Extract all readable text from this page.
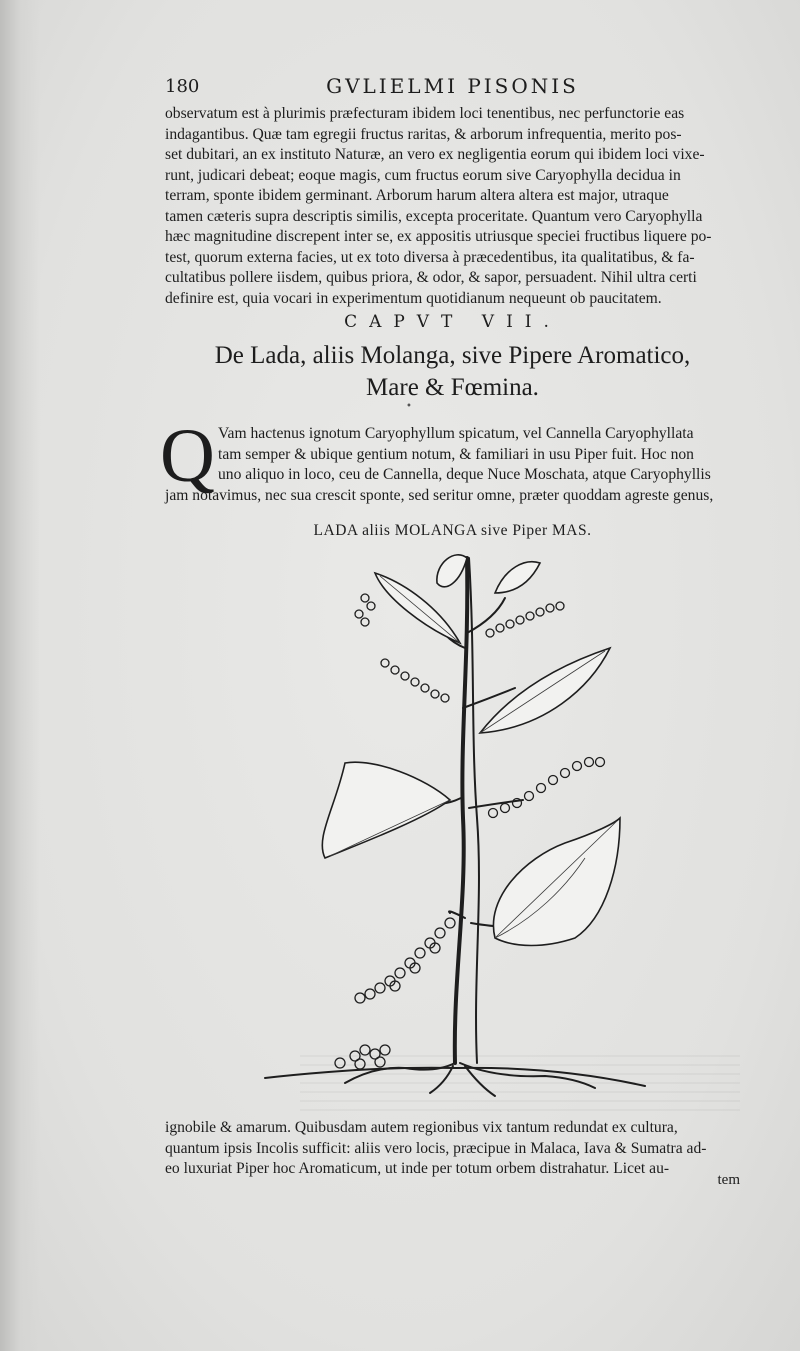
180	GVLIELMI PISONIS
observatum est à plurimis præfecturam ibidem loci tenentibus, nec perfunctorie eas
indagantibus. Quæ tam egregii fructus raritas, & arborum infrequentia, merito pos-
set dubitari, an ex instituto Naturæ, an vero ex negligentia eorum qui ibidem loci vixe-
runt, judicari debeat; eoque magis, cum fructus eorum sive Caryophylla decidua in
terram, sponte ibidem germinant. Arborum harum altera altera est major, utraque
tamen cæteris supra descriptis similis, excepta proceritate. Quantum vero Caryophylla
hæc magnitudine discrepent inter se, ex appositis utriusque speciei fructibus liquere po-
test, quorum externa facies, ut ex toto diversa à præcedentibus, ita qualitatibus, & fa-
cultatibus pollere iisdem, quibus priora, & odor, & sapor, persuadent. Nihil ultra certi
definire est, quia vocari in experimentum quotidianum nequeunt ob paucitatem.
CAPVT VII.
De Lada, aliis Molanga, sive Pipere Aromatico,
Mare & Fœmina.
•
Q Vam hactenus ignotum Caryophyllum spicatum, vel Cannella Caryophyllata
tam semper & ubique gentium notum, & familiari in usu Piper fuit. Hoc non
uno aliquo in loco, ceu de Cannella, deque Nuce Moschata, atque Caryophyllis
jam notavimus, nec sua crescit sponte, sed seritur omne, præter quoddam agreste genus,
LADA aliis MOLANGA sive Piper MAS.
ignobile & amarum. Quibusdam autem regionibus vix tantum redundat ex cultura,
quantum ipsis Incolis sufficit: aliis vero locis, præcipue in Malaca, Iava & Sumatra ad-
eo luxuriat Piper hoc Aromaticum, ut inde per totum orbem distrahatur. Licet au-
tem
